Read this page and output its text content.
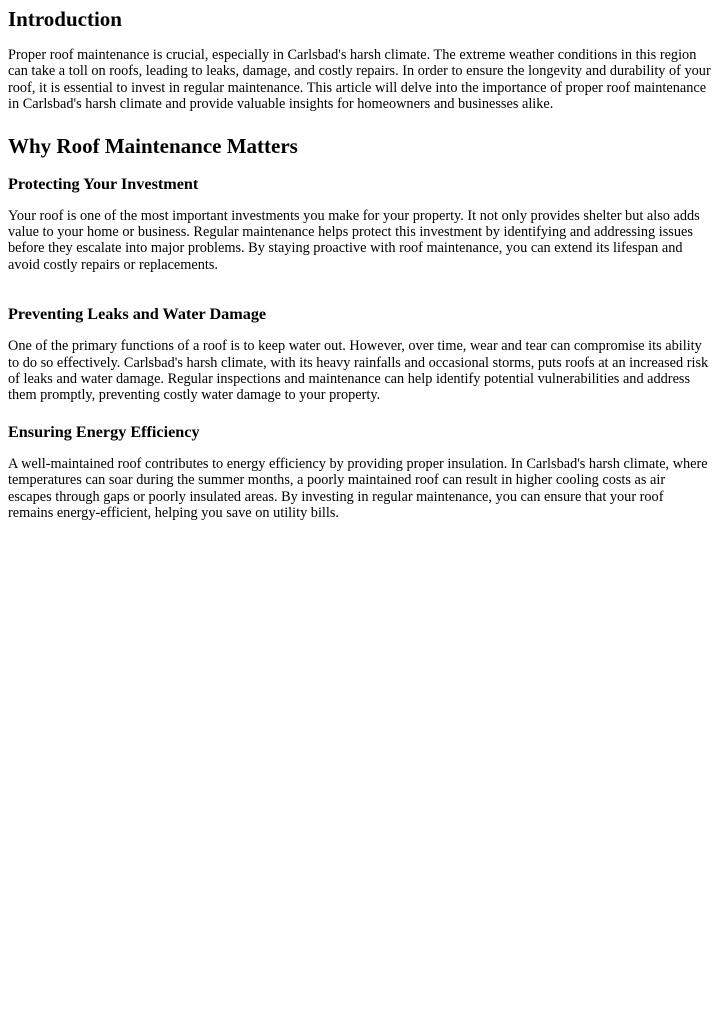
Introduction

Proper roof maintenance is crucial, especially in Carlsbad's harsh climate. The extreme weather conditions in this region can take a toll on roofs, leading to leaks, damage, and costly repairs. In order to ensure the longevity and durability of your roof, it is essential to invest in regular maintenance. This article will delve into the importance of proper roof maintenance in Carlsbad's harsh climate and provide valuable insights for homeowners and businesses alike.

Why Roof Maintenance Matters
Protecting Your Investment

Your roof is one of the most important investments you make for your property. It not only provides shelter but also adds value to your home or business. Regular maintenance helps protect this investment by identifying and addressing issues before they escalate into major problems. By staying proactive with roof maintenance, you can extend its lifespan and avoid costly repairs or replacements.

Preventing Leaks and Water Damage

One of the primary functions of a roof is to keep water out. However, over time, wear and tear can compromise its ability to do so effectively. Carlsbad's harsh climate, with its heavy rainfalls and occasional storms, puts roofs at an increased risk of leaks and water damage. Regular inspections and maintenance can help identify potential vulnerabilities and address them promptly, preventing costly water damage to your property.

Ensuring Energy Efficiency

A well-maintained roof contributes to energy efficiency by providing proper insulation. In Carlsbad's harsh climate, where temperatures can soar during the summer months, a poorly maintained roof can result in higher cooling costs as air escapes through gaps or poorly insulated areas. By investing in regular maintenance, you can ensure that your roof remains energy-efficient, helping you save on utility bills.
